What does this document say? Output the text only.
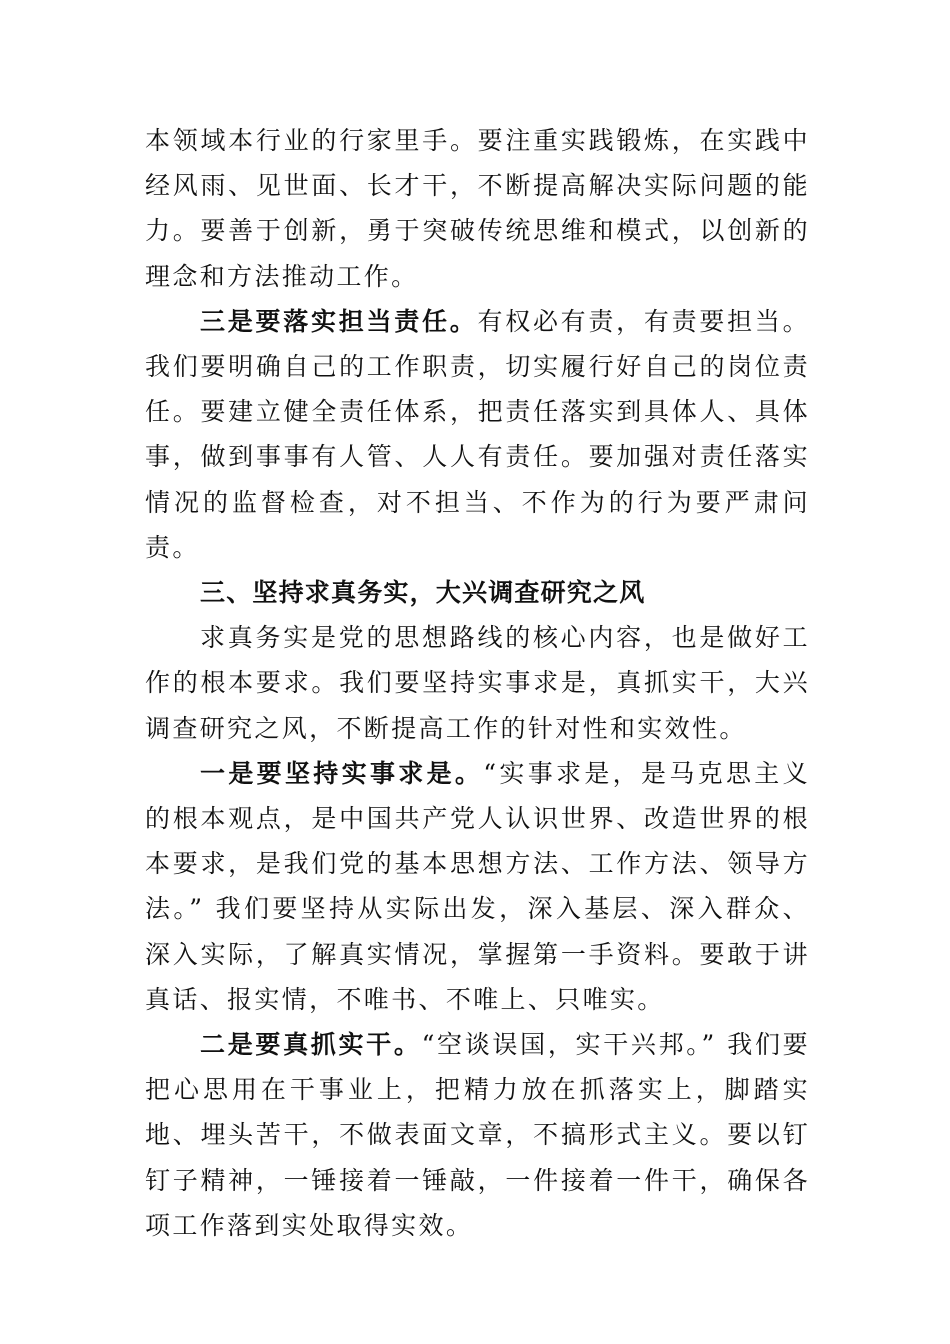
本领域本行业的行家里手。要注重实践锻炼，在实践中经风雨、见世面、长才干，不断提高解决实际问题的能力。要善于创新，勇于突破传统思维和模式，以创新的理念和方法推动工作。

三是要落实担当责任。有权必有责，有责要担当。我们要明确自己的工作职责，切实履行好自己的岗位责任。要建立健全责任体系，把责任落实到具体人、具体事，做到事事有人管、人人有责任。要加强对责任落实情况的监督检查，对不担当、不作为的行为要严肃问责。

三、坚持求真务实，大兴调查研究之风

求真务实是党的思想路线的核心内容，也是做好工作的根本要求。我们要坚持实事求是，真抓实干，大兴调查研究之风，不断提高工作的针对性和实效性。

一是要坚持实事求是。“实事求是，是马克思主义的根本观点，是中国共产党人认识世界、改造世界的根本要求，是我们党的基本思想方法、工作方法、领导方法。” 我们要坚持从实际出发，深入基层、深入群众、深入实际，了解真实情况，掌握第一手资料。要敢于讲真话、报实情，不唯书、不唯上、只唯实。

二是要真抓实干。“空谈误国，实干兴邦。” 我们要把心思用在干事业上，把精力放在抓落实上，脚踏实地、埋头苦干，不做表面文章，不搞形式主义。要以钉钉子精神，一锤接着一锤敲，一件接着一件干，确保各项工作落到实处取得实效。
